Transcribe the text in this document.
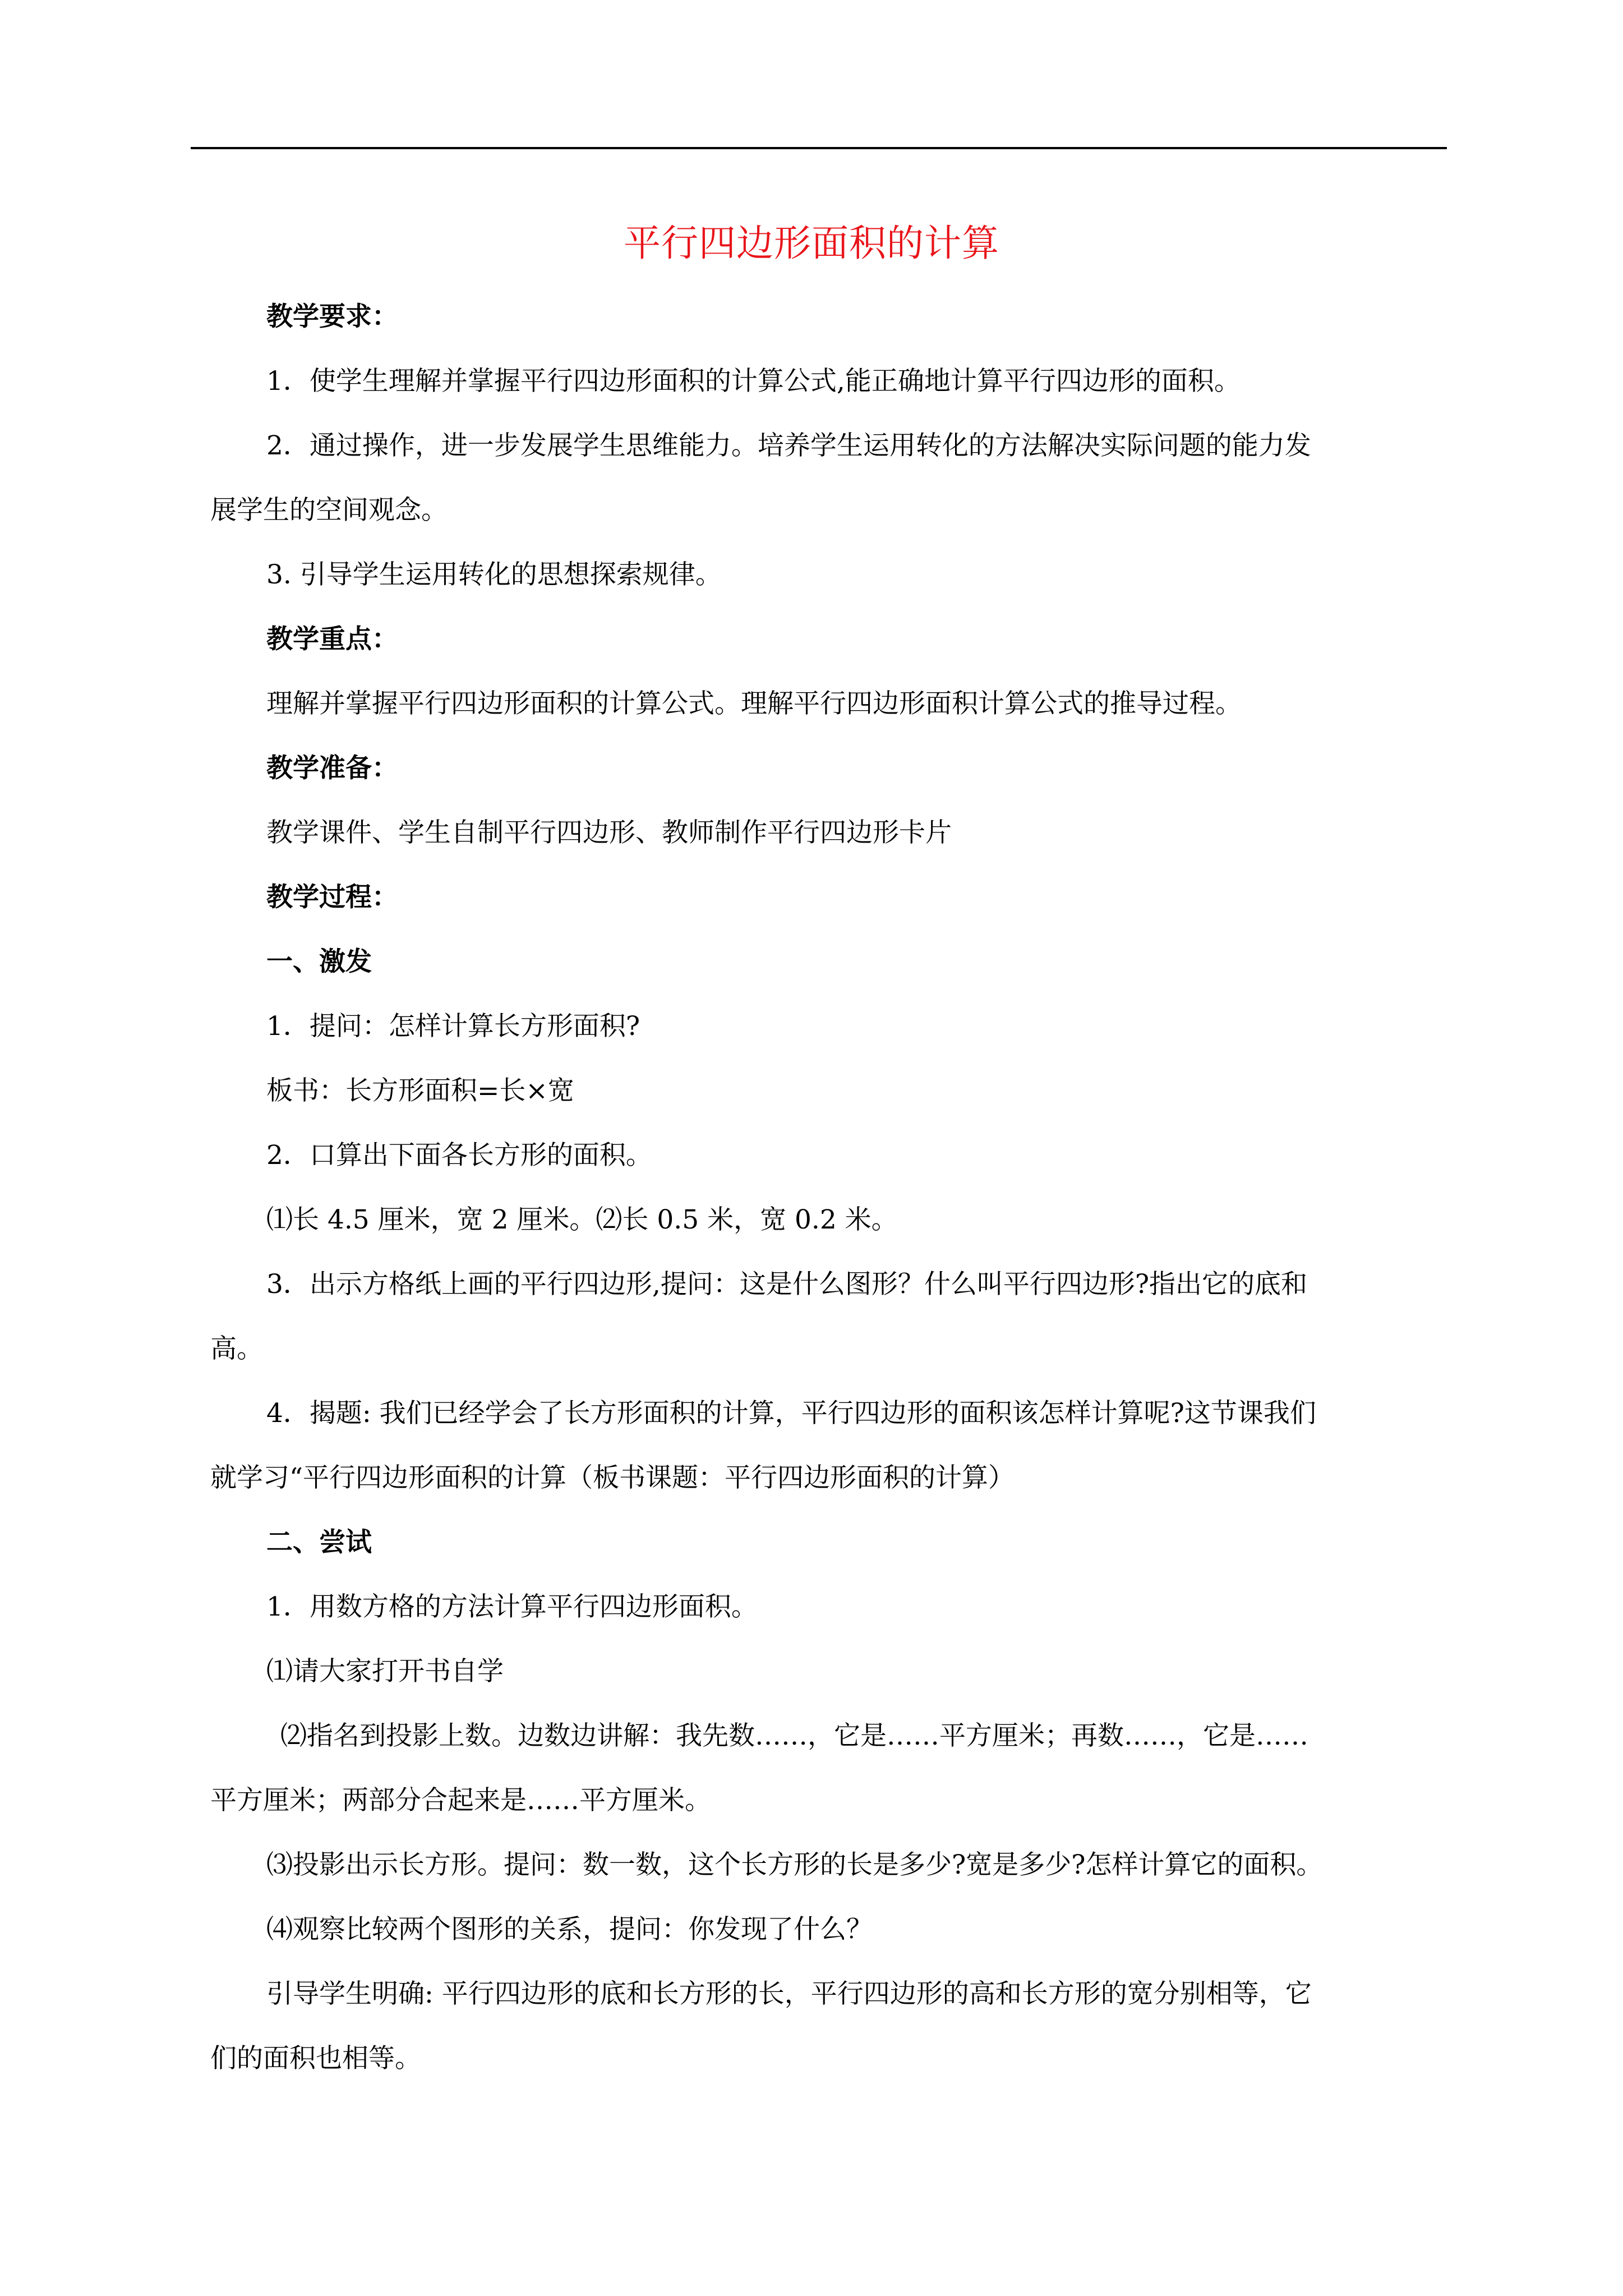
平行四边形面积的计算
教学要求：
1．使学生理解并掌握平行四边形面积的计算公式,能正确地计算平行四边形的面积。
2．通过操作，进一步发展学生思维能力。培养学生运用转化的方法解决实际问题的能力发
展学生的空间观念。
3. 引导学生运用转化的思想探索规律。
教学重点：
理解并掌握平行四边形面积的计算公式。理解平行四边形面积计算公式的推导过程。
教学准备：
教学课件、学生自制平行四边形、教师制作平行四边形卡片
教学过程：
一、激发
1．提问：怎样计算长方形面积?
板书：长方形面积=长×宽
2．口算出下面各长方形的面积。
⑴长 4.5 厘米，宽 2 厘米。⑵长 0.5 米，宽 0.2 米。
3．出示方格纸上画的平行四边形,提问：这是什么图形？什么叫平行四边形?指出它的底和
高。
4．揭题: 我们已经学会了长方形面积的计算，平行四边形的面积该怎样计算呢?这节课我们
就学习“平行四边形面积的计算（板书课题：平行四边形面积的计算）
二、尝试
1．用数方格的方法计算平行四边形面积。
⑴请大家打开书自学
⑵指名到投影上数。边数边讲解：我先数……，它是……平方厘米；再数……，它是……
平方厘米；两部分合起来是……平方厘米。
⑶投影出示长方形。提问：数一数，这个长方形的长是多少?宽是多少?怎样计算它的面积。
⑷观察比较两个图形的关系，提问：你发现了什么？
引导学生明确: 平行四边形的底和长方形的长，平行四边形的高和长方形的宽分别相等，它
们的面积也相等。
